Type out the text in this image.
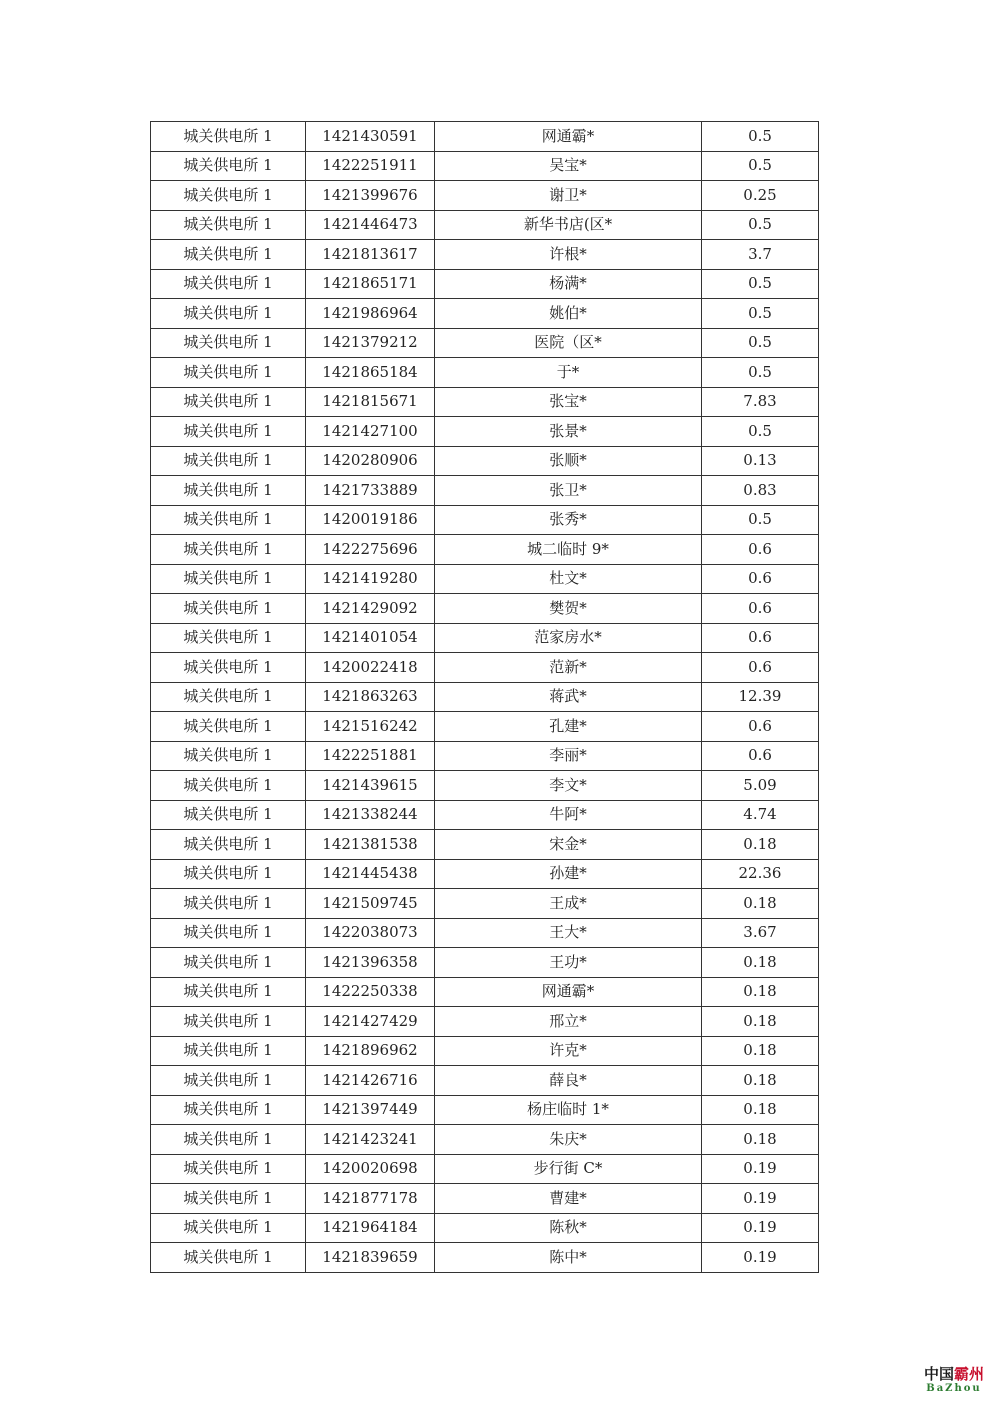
城关供电所 1	1421430591	网通霸*	0.5
城关供电所 1	1422251911	吴宝*	0.5
城关供电所 1	1421399676	谢卫*	0.25
城关供电所 1	1421446473	新华书店(区*	0.5
城关供电所 1	1421813617	许根*	3.7
城关供电所 1	1421865171	杨满*	0.5
城关供电所 1	1421986964	姚伯*	0.5
城关供电所 1	1421379212	医院（区*	0.5
城关供电所 1	1421865184	于*	0.5
城关供电所 1	1421815671	张宝*	7.83
城关供电所 1	1421427100	张景*	0.5
城关供电所 1	1420280906	张顺*	0.13
城关供电所 1	1421733889	张卫*	0.83
城关供电所 1	1420019186	张秀*	0.5
城关供电所 1	1422275696	城二临时 9*	0.6
城关供电所 1	1421419280	杜文*	0.6
城关供电所 1	1421429092	樊贺*	0.6
城关供电所 1	1421401054	范家房水*	0.6
城关供电所 1	1420022418	范新*	0.6
城关供电所 1	1421863263	蒋武*	12.39
城关供电所 1	1421516242	孔建*	0.6
城关供电所 1	1422251881	李丽*	0.6
城关供电所 1	1421439615	李文*	5.09
城关供电所 1	1421338244	牛阿*	4.74
城关供电所 1	1421381538	宋金*	0.18
城关供电所 1	1421445438	孙建*	22.36
城关供电所 1	1421509745	王成*	0.18
城关供电所 1	1422038073	王大*	3.67
城关供电所 1	1421396358	王功*	0.18
城关供电所 1	1422250338	网通霸*	0.18
城关供电所 1	1421427429	邢立*	0.18
城关供电所 1	1421896962	许克*	0.18
城关供电所 1	1421426716	薛良*	0.18
城关供电所 1	1421397449	杨庄临时 1*	0.18
城关供电所 1	1421423241	朱庆*	0.18
城关供电所 1	1420020698	步行街 C*	0.19
城关供电所 1	1421877178	曹建*	0.19
城关供电所 1	1421964184	陈秋*	0.19
城关供电所 1	1421839659	陈中*	0.19
中国霸州
BaZhou
